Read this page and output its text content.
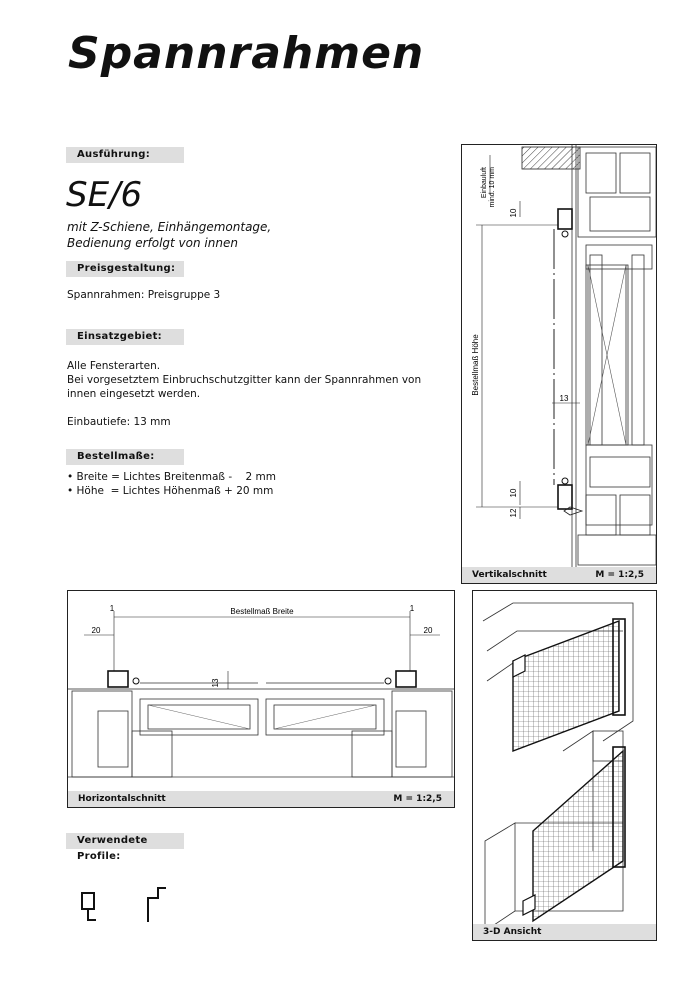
Spannrahmen
Ausführung:
SE/6
mit Z-Schiene, Einhängemontage,
Bedienung erfolgt von innen
Preisgestaltung:
Spannrahmen: Preisgruppe 3
Einsatzgebiet:
Alle Fensterarten.
Bei vorgesetztem Einbruchschutzgitter kann der Spannrahmen von
innen eingesetzt werden.
Einbautiefe: 13 mm
Bestellmaße:
• Breite = Lichtes Breitenmaß -    2 mm
• Höhe  = Lichtes Höhenmaß + 20 mm
Verwendete Profile:
Einbauluft mind. 10 mm
Bestellmaß Höhe
10
13
10
12
Vertikalschnitt	M = 1:2,5
Bestellmaß Breite
1	1
20	20
13
Horizontalschnitt	M = 1:2,5
3-D Ansicht
